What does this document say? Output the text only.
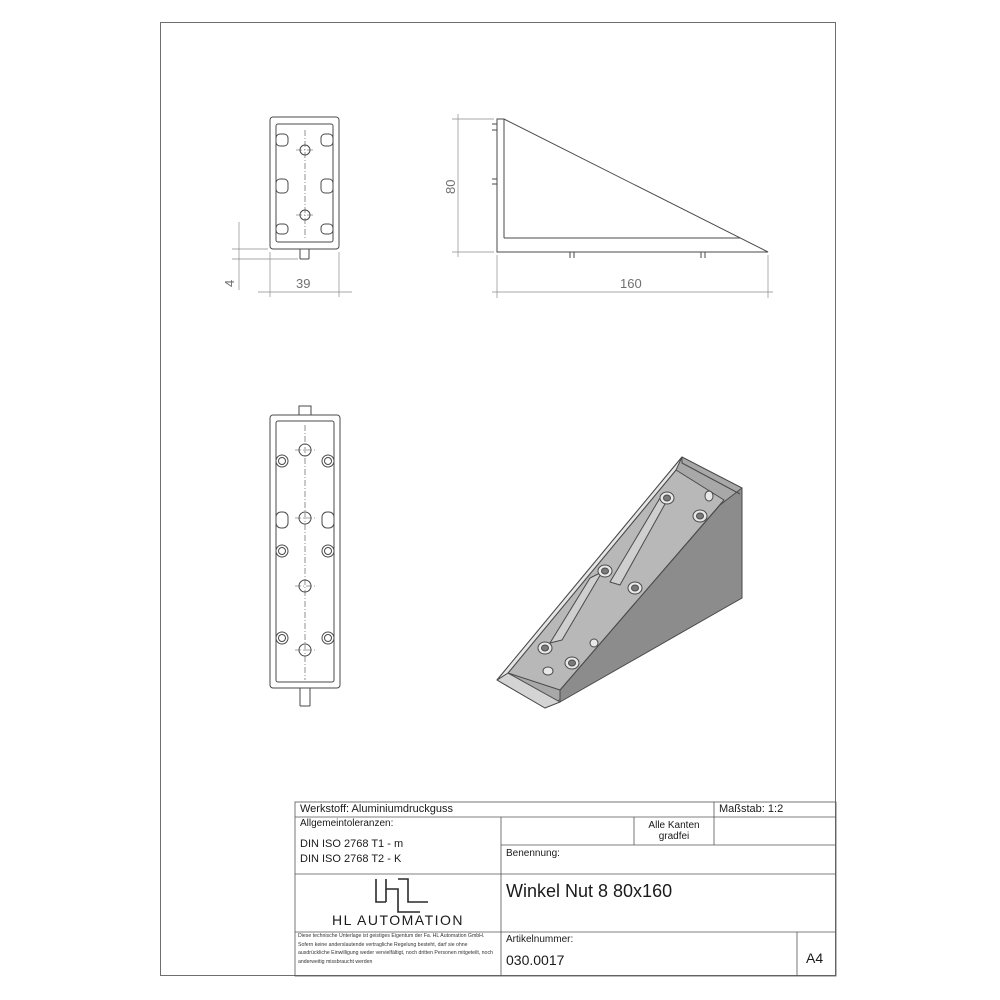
39
4
80
160
Werkstoff: Aluminiumdruckguss	Maßstab: 1:2
Allgemeintoleranzen:
DIN ISO 2768 T1 - m
DIN ISO 2768 T2 - K
Alle Kanten
gradfei
Benennung:
Winkel Nut 8 80x160
HL AUTOMATION
Diese technische Unterlage ist geistiges Eigentum der Fa. HL Automation GmbH. Sofern keine anderslautende vertragliche Regelung besteht, darf sie ohne ausdrückliche Einwilligung weder vervielfältigt, noch dritten Personen mitgeteilt, noch anderweitig missbraucht werden
Artikelnummer:
030.0017	A4
